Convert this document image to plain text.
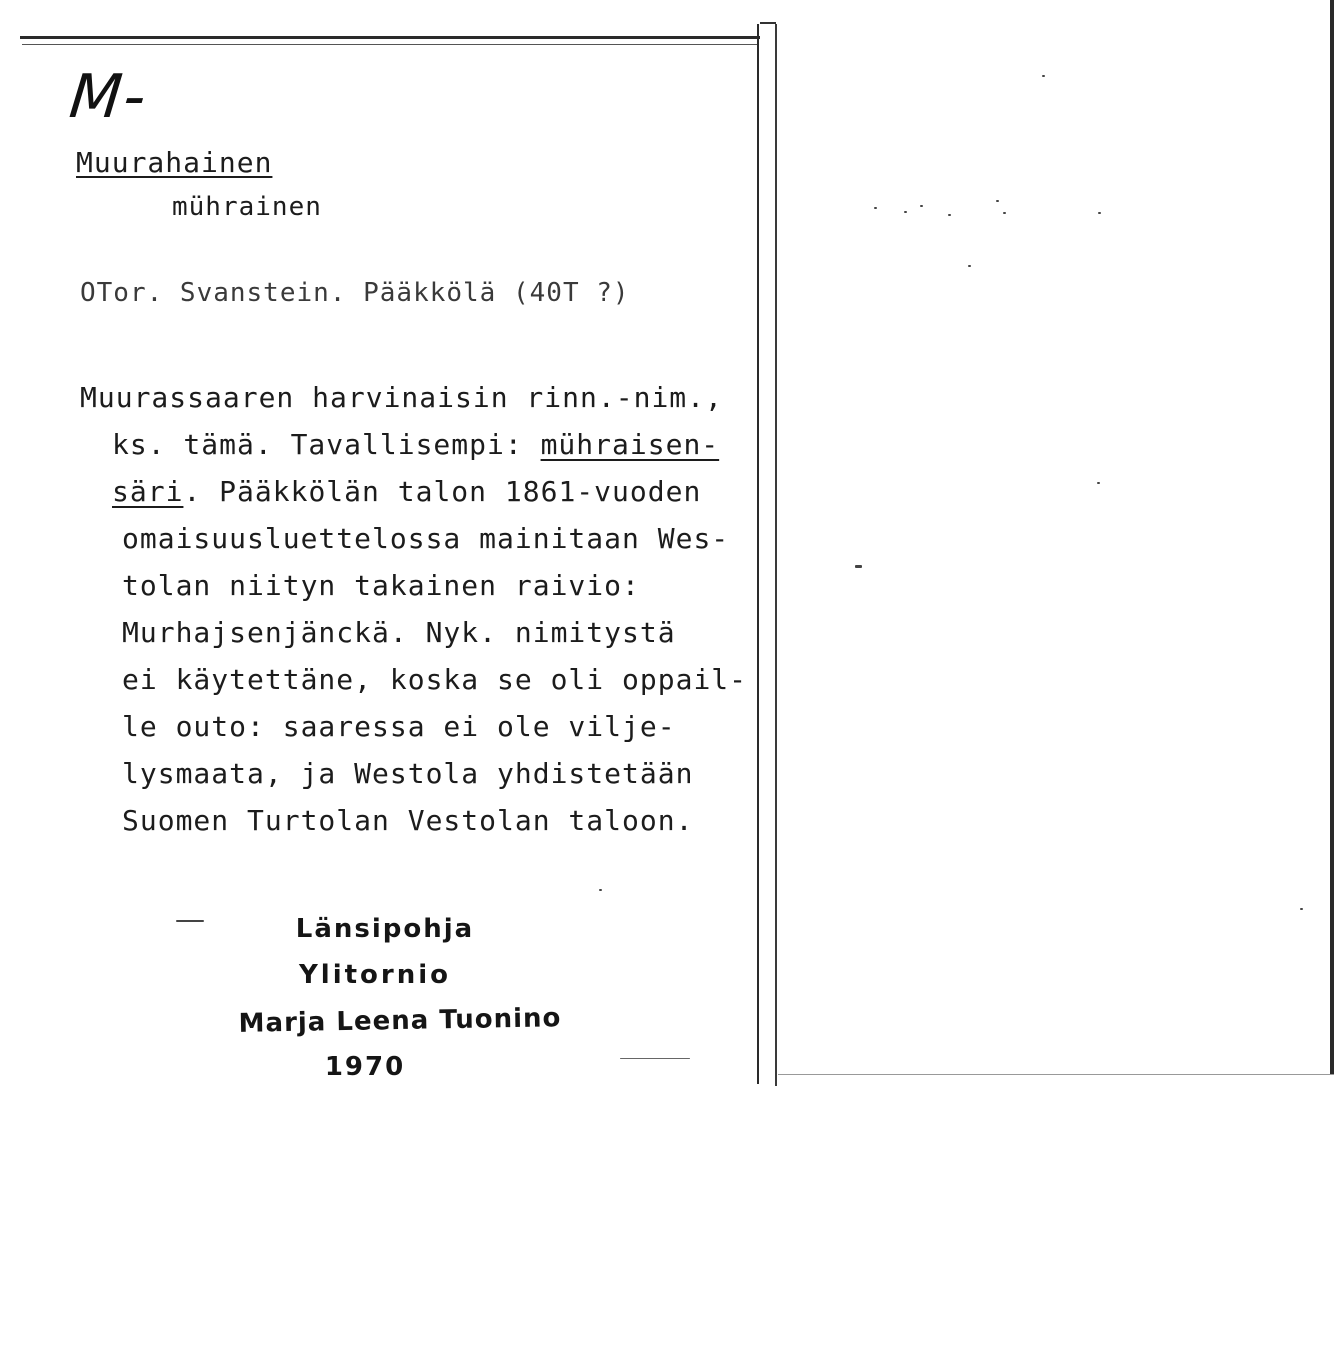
M-
Muurahainen
mührainen
OTor. Svanstein. Pääkkölä (40T ?)
Muurassaaren harvinaisin rinn.-nim.,
ks. tämä. Tavallisempi: mühraisen-
säri. Pääkkölän talon 1861-vuoden
omaisuusluettelossa mainitaan Wes-
tolan niityn takainen raivio:
Murhajsenjänckä. Nyk. nimitystä
ei käytettäne, koska se oli oppail-
le outo: saaressa ei ole vilje-
lysmaata, ja Westola yhdistetään
Suomen Turtolan Vestolan taloon.
Länsipohja
Ylitornio
Marja Leena Tuonino
1970
